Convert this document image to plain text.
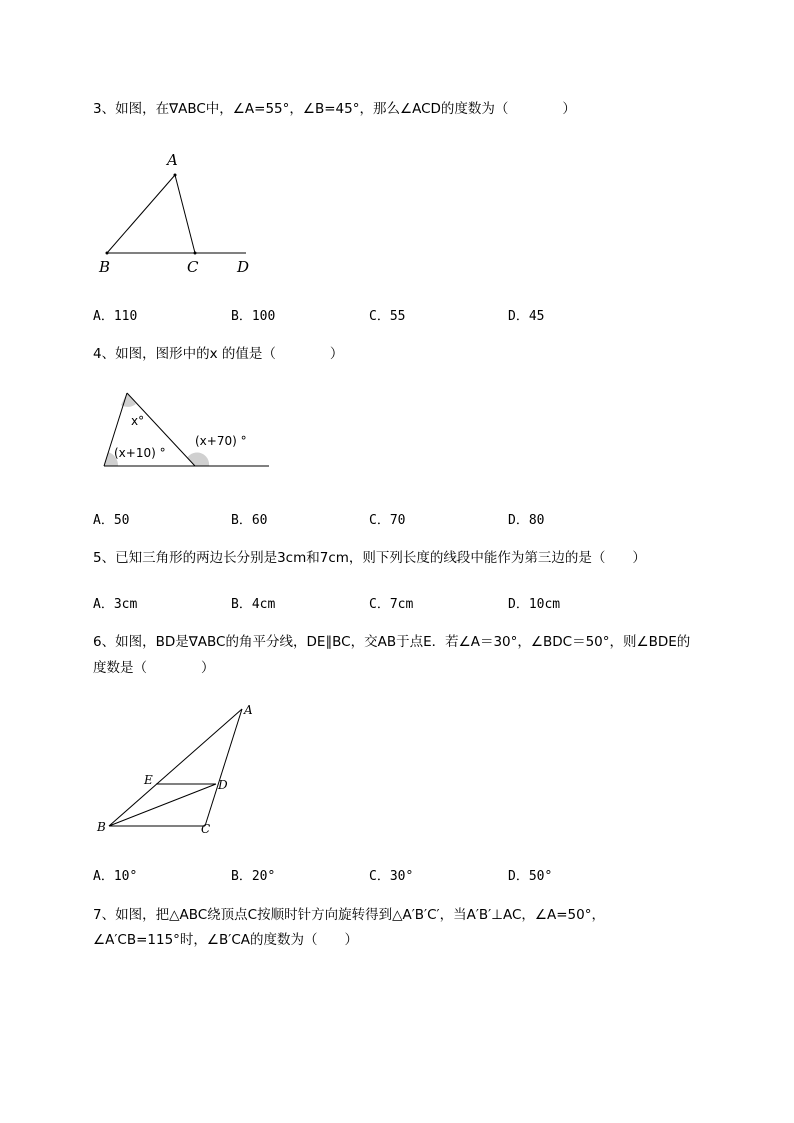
3、如图，在∇ABC中，∠A=55°，∠B=45°，那么∠ACD的度数为（　　　　）
A
B	C	D
A．110	B．100	C．55	D．45
4、如图，图形中的x 的值是（　　　　）
x°
(x+10) °
(x+70) °
A．50	B．60	C．70	D．80
5、已知三角形的两边长分别是3cm和7cm，则下列长度的线段中能作为第三边的是（　　）
A．3cm	B．4cm	C．7cm	D．10cm
6、如图，BD是∇ABC的角平分线，DE∥BC，交AB于点E．若∠A＝30°，∠BDC＝50°，则∠BDE的
度数是（　　　　）
A
B	C
D
E
A．10°	B．20°	C．30°	D．50°
7、如图，把△ABC绕顶点C按顺时针方向旋转得到△A′B′C′，当A′B′⊥AC，∠A=50°，
∠A′CB=115°时，∠B′CA的度数为（　　）
